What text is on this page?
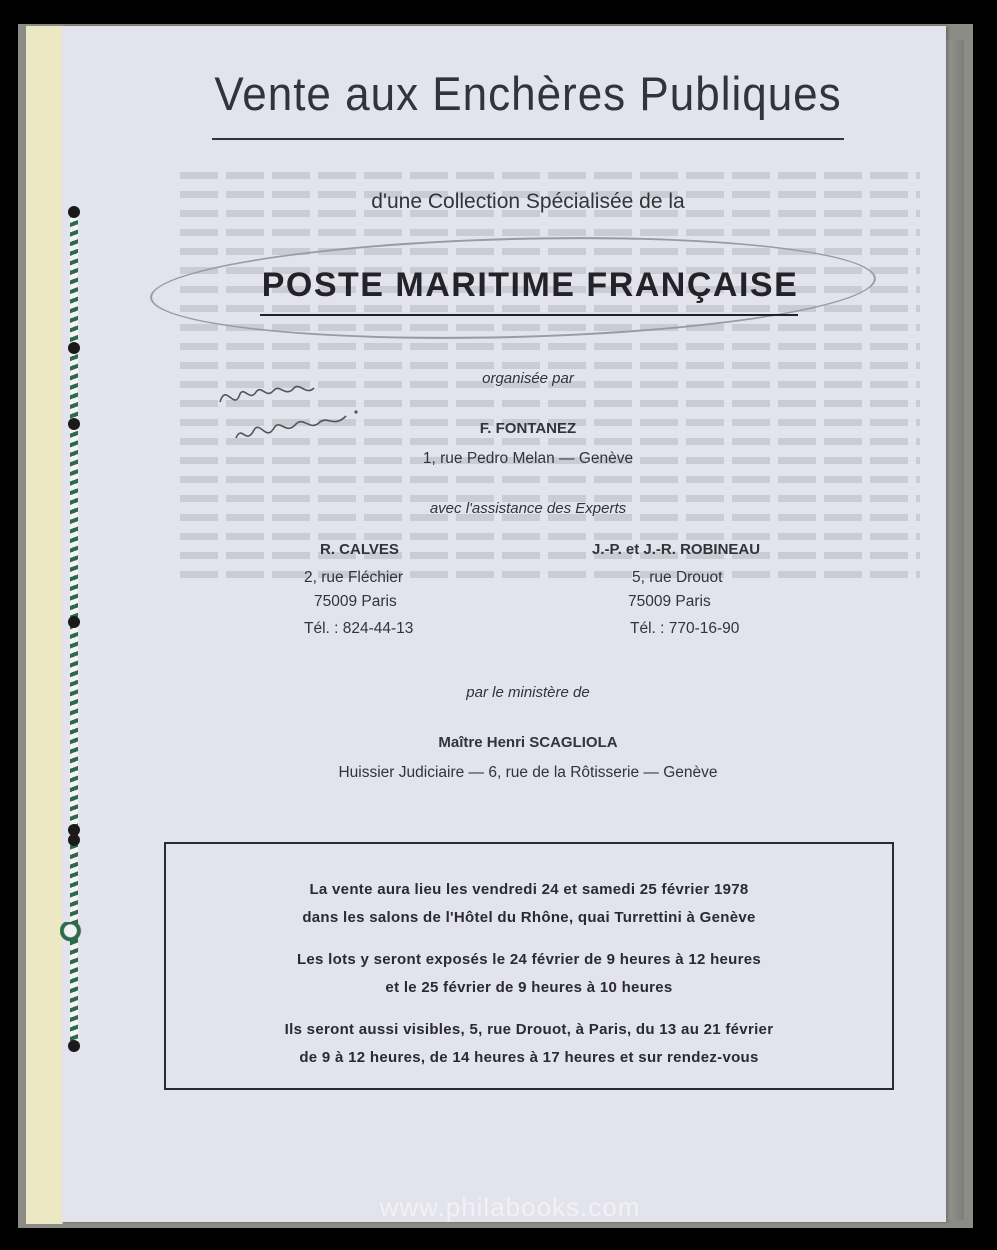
Vente aux Enchères Publiques
d'une Collection Spécialisée de la
POSTE MARITIME FRANÇAISE
organisée par
F. FONTANEZ
1, rue Pedro Melan — Genève
avec l'assistance des Experts
R. CALVES
2, rue Fléchier
75009 Paris
Tél. : 824-44-13
J.-P. et J.-R. ROBINEAU
5, rue Drouot
75009 Paris
Tél. : 770-16-90
par le ministère de
Maître Henri SCAGLIOLA
Huissier Judiciaire — 6, rue de la Rôtisserie — Genève

La vente aura lieu les vendredi 24 et samedi 25 février 1978

dans les salons de l'Hôtel du Rhône, quai Turrettini à Genève

Les lots y seront exposés le 24 février de 9 heures à 12 heures

et le 25 février de 9 heures à 10 heures

Ils seront aussi visibles, 5, rue Drouot, à Paris, du 13 au 21 février

de 9 à 12 heures, de 14 heures à 17 heures et sur rendez-vous

www.philabooks.com
